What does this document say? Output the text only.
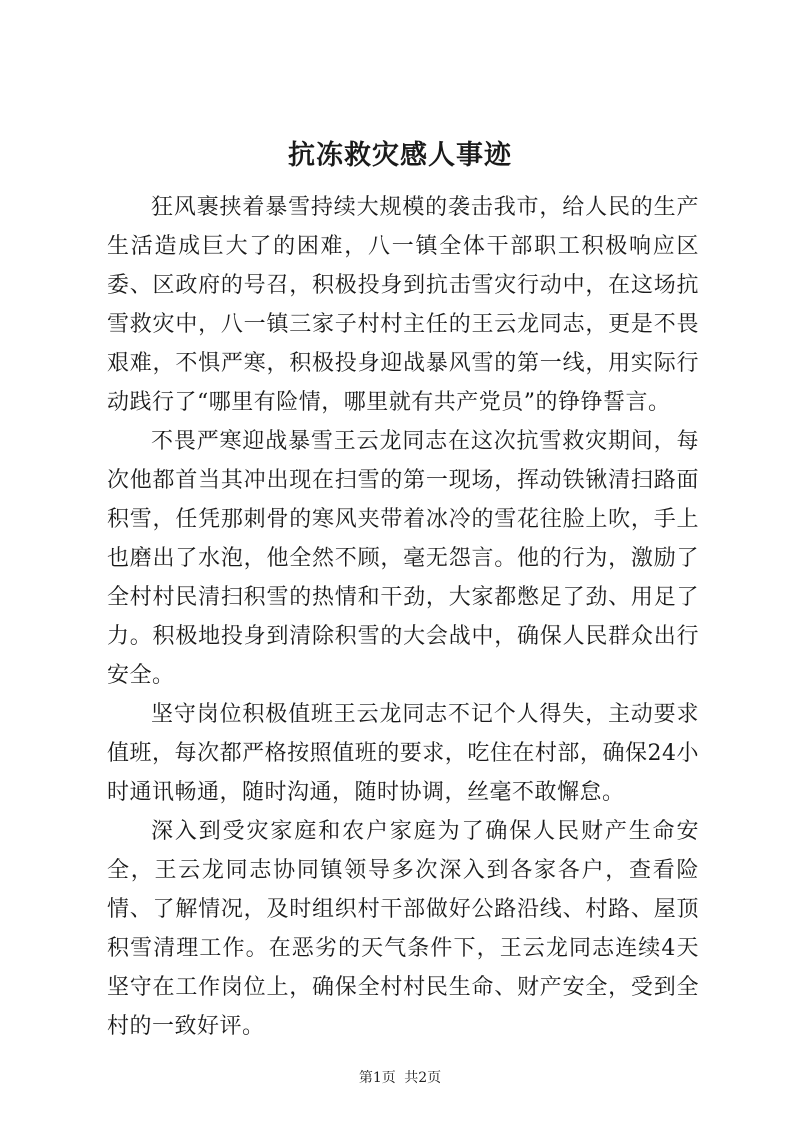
抗冻救灾感人事迹

狂风裹挟着暴雪持续大规模的袭击我市，给人民的生产生活造成巨大了的困难，八一镇全体干部职工积极响应区委、区政府的号召，积极投身到抗击雪灾行动中，在这场抗雪救灾中，八一镇三家子村村主任的王云龙同志，更是不畏艰难，不惧严寒，积极投身迎战暴风雪的第一线，用实际行动践行了“哪里有险情，哪里就有共产党员”的铮铮誓言。

不畏严寒迎战暴雪王云龙同志在这次抗雪救灾期间，每次他都首当其冲出现在扫雪的第一现场，挥动铁锹清扫路面积雪，任凭那刺骨的寒风夹带着冰冷的雪花往脸上吹，手上也磨出了水泡，他全然不顾，毫无怨言。他的行为，激励了全村村民清扫积雪的热情和干劲，大家都憋足了劲、用足了力。积极地投身到清除积雪的大会战中，确保人民群众出行安全。

坚守岗位积极值班王云龙同志不记个人得失，主动要求值班，每次都严格按照值班的要求，吃住在村部，确保24小时通讯畅通，随时沟通，随时协调，丝毫不敢懈怠。

深入到受灾家庭和农户家庭为了确保人民财产生命安全，王云龙同志协同镇领导多次深入到各家各户，查看险情、了解情况，及时组织村干部做好公路沿线、村路、屋顶积雪清理工作。在恶劣的天气条件下，王云龙同志连续4天坚守在工作岗位上，确保全村村民生命、财产安全，受到全村的一致好评。

第1页 共2页
